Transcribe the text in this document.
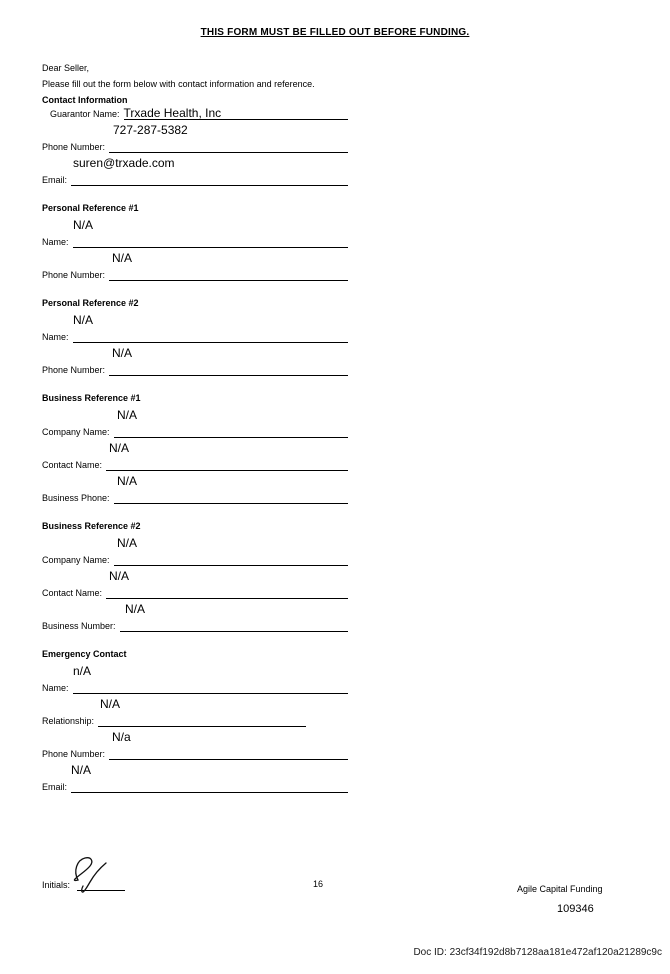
THIS FORM MUST BE FILLED OUT BEFORE FUNDING.
Dear Seller,
Please fill out the form below with contact information and reference.
Contact Information
Guarantor Name: Trxade Health, Inc
727-287-5382
Phone Number:
suren@trxade.com
Email:
Personal Reference #1
N/A
Name:
N/A
Phone Number:
Personal Reference #2
N/A
Name:
N/A
Phone Number:
Business Reference #1
N/A
Company Name:
N/A
Contact Name:
N/A
Business Phone:
Business Reference #2
N/A
Company Name:
N/A
Contact Name:
N/A
Business Number:
Emergency Contact
n/A
Name:
N/A
Relationship:
N/a
Phone Number:
N/A
Email:
Initials:	16	Agile Capital Funding
109346
Doc ID: 23cf34f192d8b7128aa181e472af120a21289c9c
